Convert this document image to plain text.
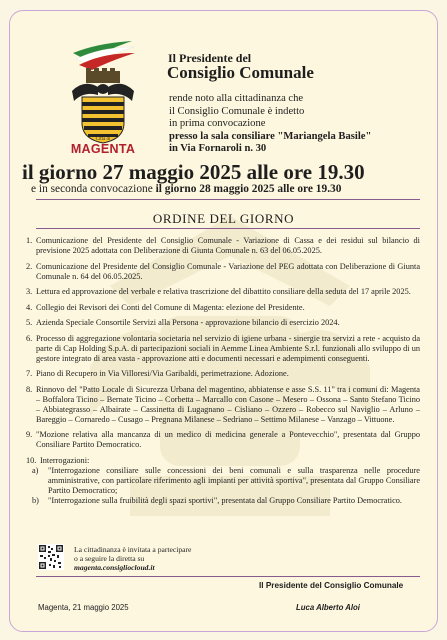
Città di
MAGENTA
Il Presidente del
Consiglio Comunale
rende noto alla cittadinanza che
il Consiglio Comunale è indetto
in prima convocazione
presso la sala consiliare "Mariangela Basile"
in Via Fornaroli n. 30
il giorno 27 maggio 2025 alle ore 19.30
e in seconda convocazione il giorno 28 maggio 2025 alle ore 19.30
ORDINE DEL GIORNO
1. Comunicazione del Presidente del Consiglio Comunale - Variazione di Cassa e dei residui sul bilancio di previsione 2025 adottata con Deliberazione di Giunta Comunale n. 63 del 06.05.2025.
2. Comunicazione del Presidente del Consiglio Comunale - Variazione del PEG adottata con Deliberazione di Giunta Comunale n. 64 del 06.05.2025.
3. Lettura ed approvazione del verbale e relativa trascrizione del dibattito consiliare della seduta del 17 aprile 2025.
4. Collegio dei Revisori dei Conti del Comune di Magenta: elezione del Presidente.
5. Azienda Speciale Consortile Servizi alla Persona - approvazione bilancio di esercizio 2024.
6. Processo di aggregazione volontaria societaria nel servizio di igiene urbana - sinergie tra servizi a rete - acquisto da parte di Cap Holding S.p.A. di partecipazioni sociali in Aemme Linea Ambiente S.r.l. funzionali allo sviluppo di un gestore integrato di area vasta - approvazione atti e documenti necessari e adempimenti conseguenti.
7. Piano di Recupero in Via Villoresi/Via Garibaldi, perimetrazione. Adozione.
8. Rinnovo del "Patto Locale di Sicurezza Urbana del magentino, abbiatense e asse S.S. 11" tra i comuni di: Magenta – Boffalora Ticino – Bernate Ticino – Corbetta – Marcallo con Casone – Mesero – Ossona – Santo Stefano Ticino – Abbiategrasso – Albairate – Cassinetta di Lugagnano – Cisliano – Ozzero – Robecco sul Naviglio – Arluno – Bareggio – Cornaredo – Cusago – Pregnana Milanese – Sedriano – Settimo Milanese – Vanzago – Vittuone.
9. "Mozione relativa alla mancanza di un medico di medicina generale a Pontevecchio", presentata dal Gruppo Consiliare Partito Democratico.
10. Interrogazioni:
a)	"Interrogazione consiliare sulle concessioni dei beni comunali e sulla trasparenza nelle procedure amministrative, con particolare riferimento agli impianti per attività sportiva", presentata dal Gruppo Consiliare Partito Democratico;
b)	"Interrogazione sulla fruibilità degli spazi sportivi", presentata dal Gruppo Consiliare Partito Democratico.
La cittadinanza è invitata a partecipare
o a seguire la diretta su
magenta.consigliocloud.it
Il Presidente del Consiglio Comunale
Magenta, 21 maggio 2025	Luca Alberto Aloi
